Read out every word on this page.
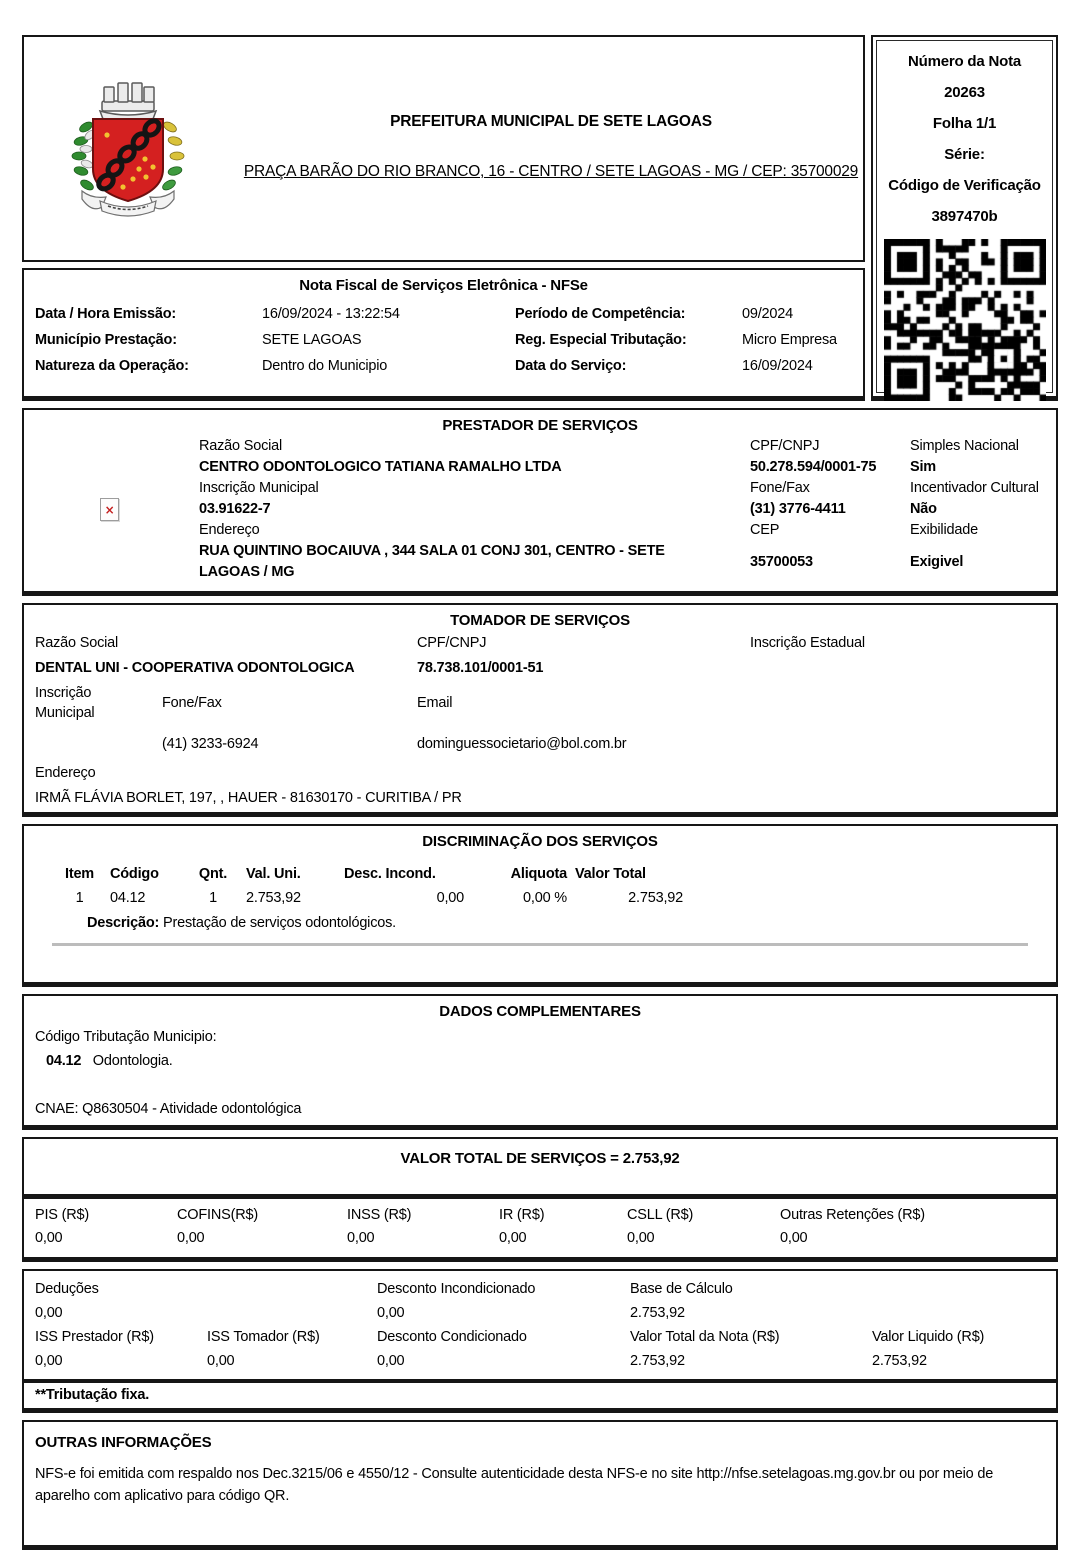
PREFEITURA MUNICIPAL DE SETE LAGOAS
PRAÇA BARÃO DO RIO BRANCO, 16 - CENTRO / SETE LAGOAS - MG / CEP: 35700029
Nota Fiscal de Serviços Eletrônica - NFSe
Data / Hora Emissão:	16/09/2024 - 13:22:54	Período de Competência:	09/2024
Município Prestação:	SETE LAGOAS	Reg. Especial Tributação:	Micro Empresa
Natureza da Operação:	Dentro do Municipio	Data do Serviço:	16/09/2024
Número da Nota
20263
Folha 1/1
Série:
Código de Verificação
3897470b
PRESTADOR DE SERVIÇOS
×
Razão Social	CPF/CNPJ	Simples Nacional
CENTRO ODONTOLOGICO TATIANA RAMALHO LTDA	50.278.594/0001-75	Sim
Inscrição Municipal	Fone/Fax	Incentivador Cultural
03.91622-7	(31) 3776-4411	Não
Endereço	CEP	Exibilidade
RUA QUINTINO BOCAIUVA , 344 SALA 01 CONJ 301, CENTRO - SETE LAGOAS / MG
35700053	Exigivel
TOMADOR DE SERVIÇOS
Razão Social	CPF/CNPJ	Inscrição Estadual
DENTAL UNI - COOPERATIVA ODONTOLOGICA	78.738.101/0001-51
Inscrição Municipal
Fone/Fax	Email
(41) 3233-6924	dominguessocietario@bol.com.br
Endereço
IRMÃ FLÁVIA BORLET, 197, , HAUER - 81630170 - CURITIBA / PR
DISCRIMINAÇÃO DOS SERVIÇOS
Item	Código	Qnt.	Val. Uni.	Desc. Incond.	Aliquota Valor Total
1	04.12	1	2.753,92	0,00	0,00 %	2.753,92
Descrição: Prestação de serviços odontológicos.
DADOS COMPLEMENTARES
Código Tributação Municipio:
04.12 Odontologia.
CNAE: Q8630504 - Atividade odontológica
VALOR TOTAL DE SERVIÇOS = 2.753,92
PIS (R$)	COFINS(R$)	INSS (R$)	IR (R$)	CSLL (R$)	Outras Retenções (R$)
0,00	0,00	0,00	0,00	0,00	0,00
Deduções	Desconto Incondicionado	Base de Cálculo
0,00	0,00	2.753,92
ISS Prestador (R$)	ISS Tomador (R$)	Desconto Condicionado	Valor Total da Nota (R$)	Valor Liquido (R$)
0,00	0,00	0,00	2.753,92	2.753,92
**Tributação fixa.
OUTRAS INFORMAÇÕES
NFS-e foi emitida com respaldo nos Dec.3215/06 e 4550/12 - Consulte autenticidade desta NFS-e no site http://nfse.setelagoas.mg.gov.br ou por meio de aparelho com aplicativo para código QR.
